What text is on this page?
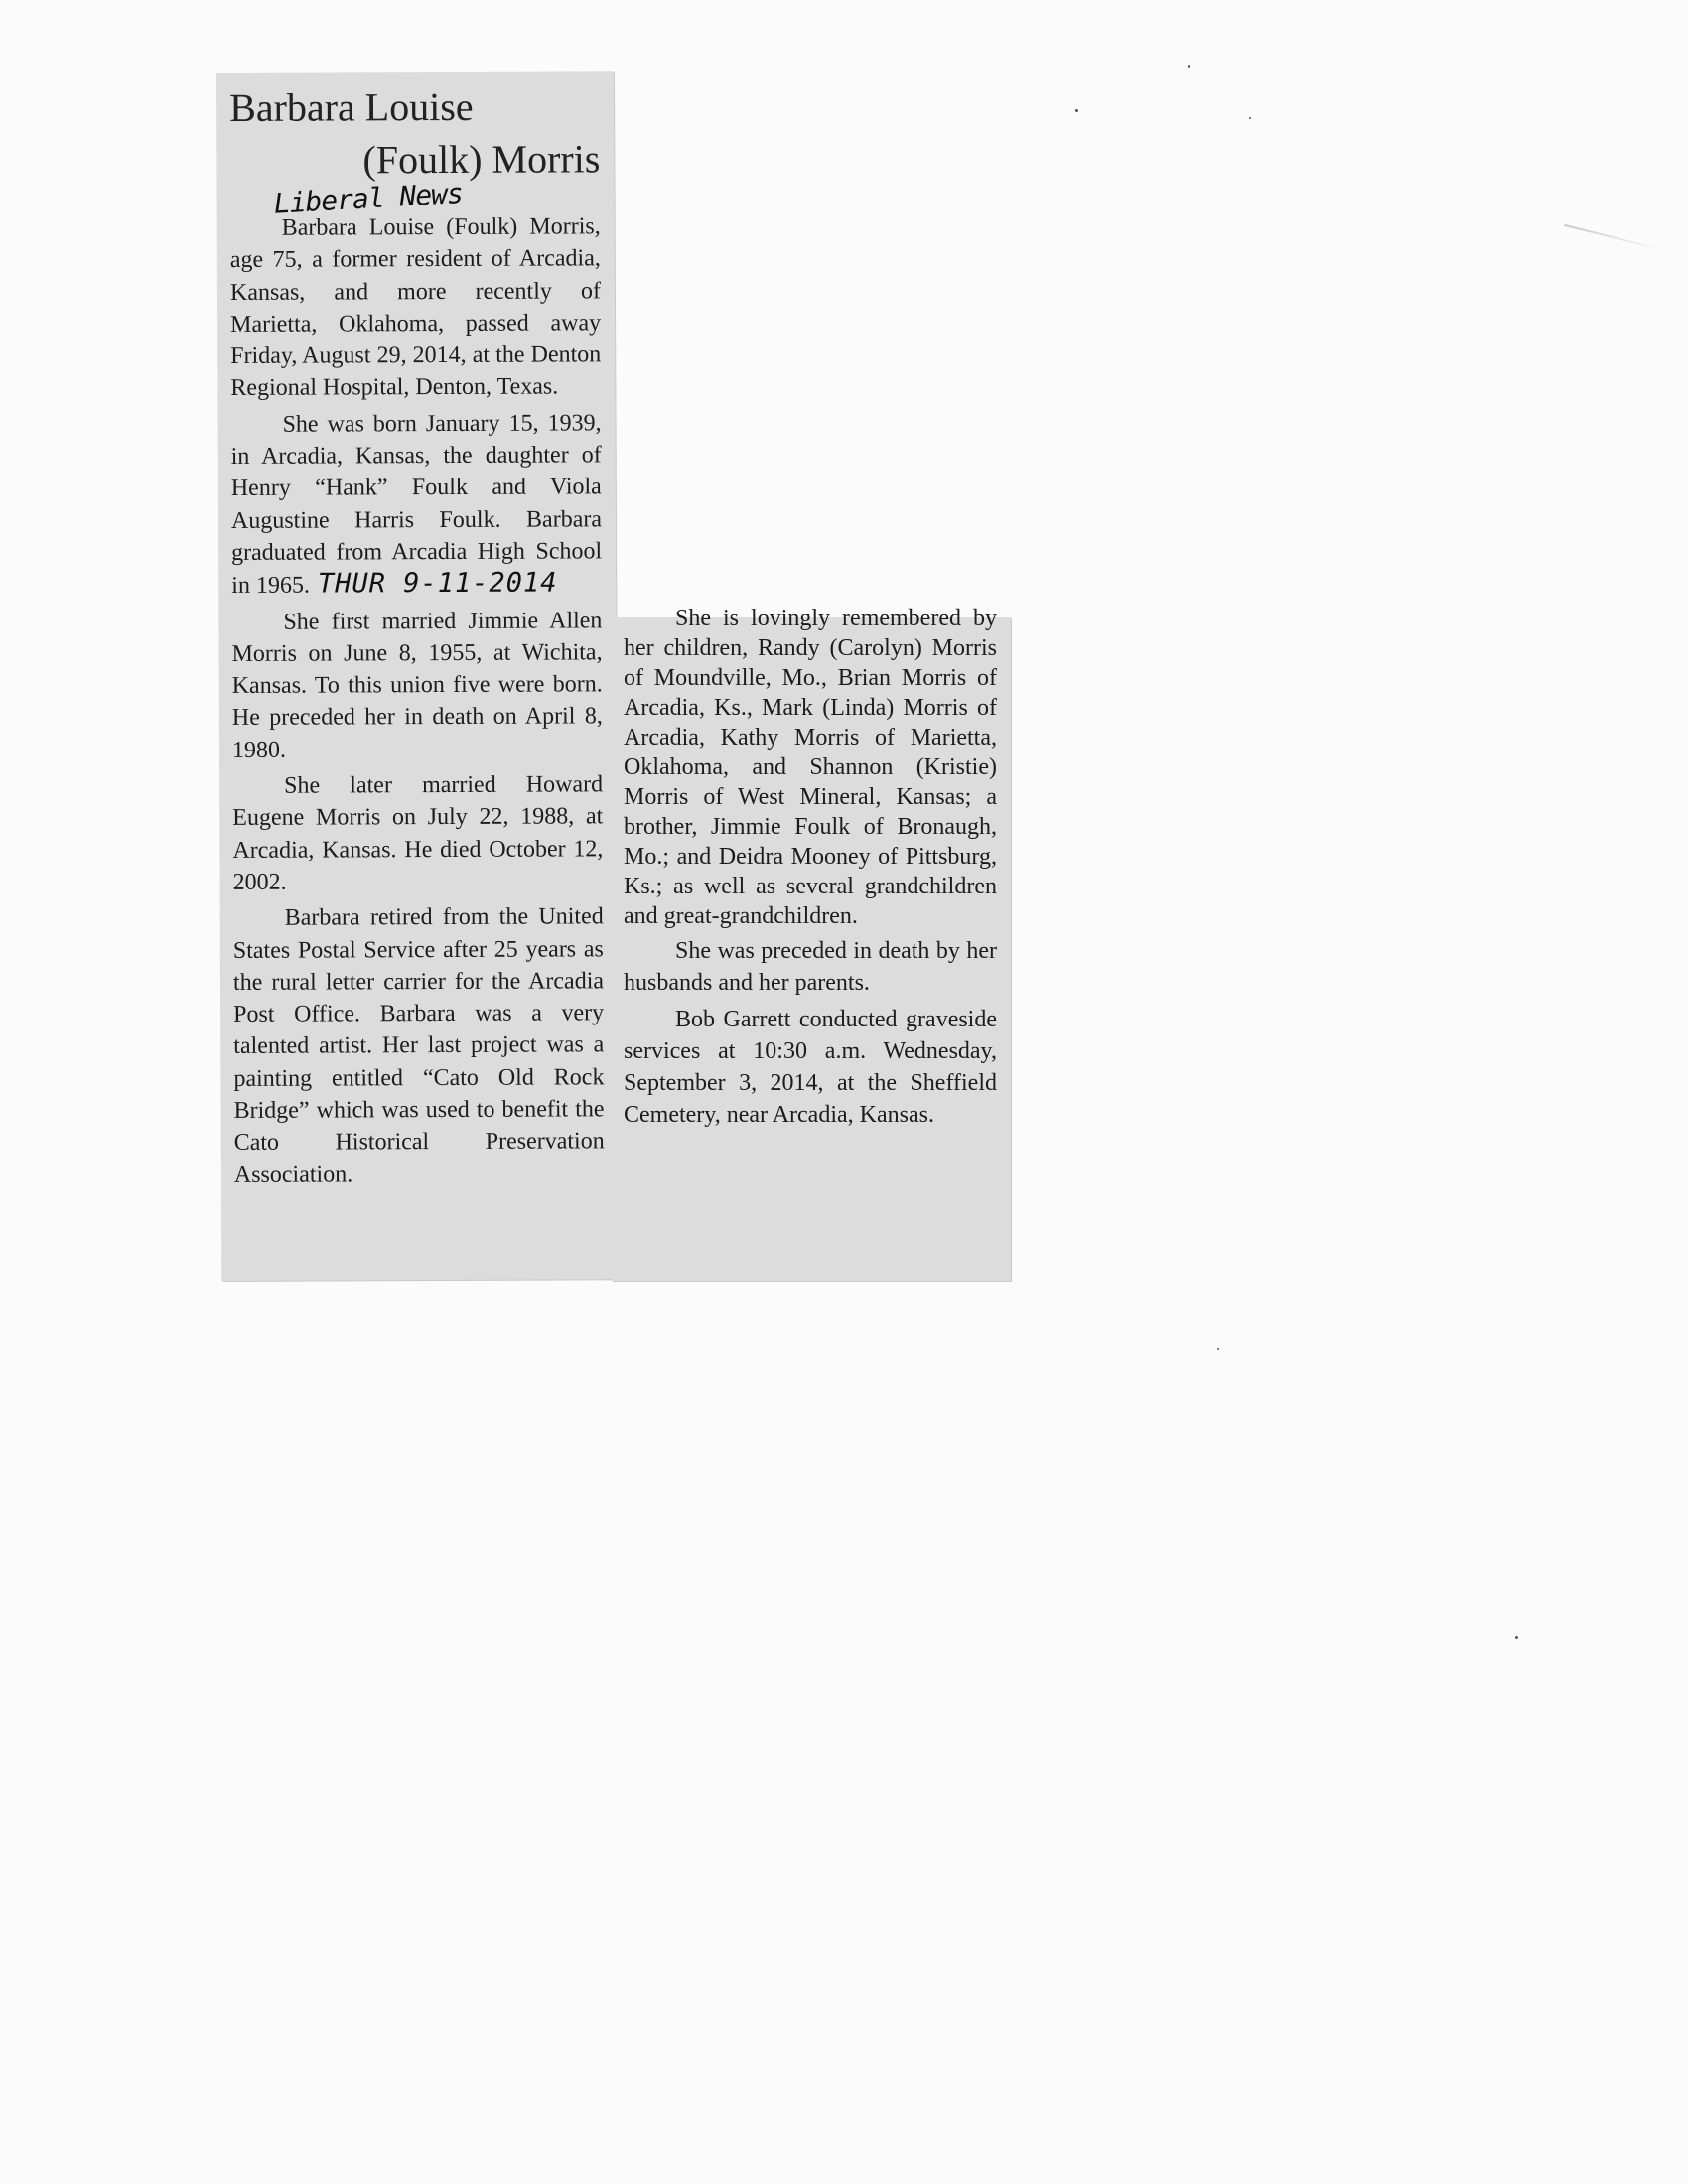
Barbara Louise
(Foulk) Morris
Liberal News

Barbara Louise (Foulk) Morris, age 75, a former resident of Arcadia, Kansas, and more recently of Marietta, Oklahoma, passed away Friday, August 29, 2014, at the Denton Regional Hospital, Denton, Texas.

She was born January 15, 1939, in Arcadia, Kansas, the daughter of Henry “Hank” Foulk and Viola Augustine Harris Foulk. Barbara graduated from Arcadia High School in 1965. THUR 9-11-2014

She first married Jimmie Allen Morris on June 8, 1955, at Wichita, Kansas. To this union five were born. He preceded her in death on April 8, 1980.

She later married Howard Eugene Morris on July 22, 1988, at Arcadia, Kansas. He died October 12, 2002.

Barbara retired from the United States Postal Service after 25 years as the rural letter carrier for the Arcadia Post Office. Barbara was a very talented artist. Her last project was a painting entitled “Cato Old Rock Bridge” which was used to benefit the Cato Historical Preservation Association.

She is lovingly remembered by her children, Randy (Carolyn) Morris of Moundville, Mo., Brian Morris of Arcadia, Ks., Mark (Linda) Morris of Arcadia, Kathy Morris of Marietta, Oklahoma, and Shannon (Kristie) Morris of West Mineral, Kansas; a brother, Jimmie Foulk of Bronaugh, Mo.; and Deidra Mooney of Pittsburg, Ks.; as well as several grandchildren and great-grandchildren.

She was preceded in death by her husbands and her parents.

Bob Garrett conducted graveside services at 10:30 a.m. Wednesday, September 3, 2014, at the Sheffield Cemetery, near Arcadia, Kansas.
